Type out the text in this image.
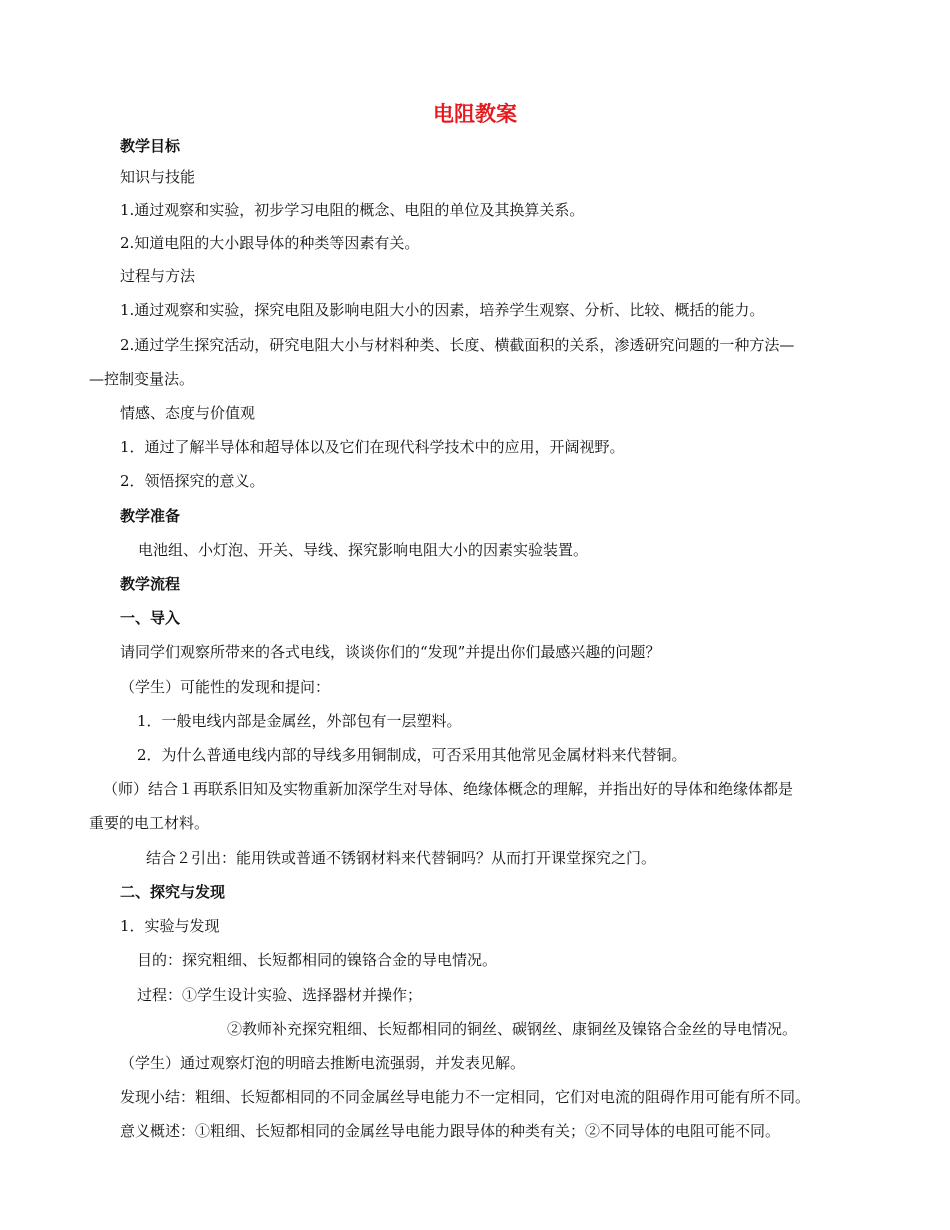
电阻教案
教学目标
知识与技能
1.通过观察和实验，初步学习电阻的概念、电阻的单位及其换算关系。
2.知道电阻的大小跟导体的种类等因素有关。
过程与方法
1.通过观察和实验，探究电阻及影响电阻大小的因素，培养学生观察、分析、比较、概括的能力。
2.通过学生探究活动，研究电阻大小与材料种类、长度、横截面积的关系，渗透研究问题的一种方法—
—控制变量法。
情感、态度与价值观
1．通过了解半导体和超导体以及它们在现代科学技术中的应用，开阔视野。
2．领悟探究的意义。
教学准备
电池组、小灯泡、开关、导线、探究影响电阻大小的因素实验装置。
教学流程
一、导入
请同学们观察所带来的各式电线，谈谈你们的“发现”并提出你们最感兴趣的问题？
（学生）可能性的发现和提问：
1．一般电线内部是金属丝，外部包有一层塑料。
2．为什么普通电线内部的导线多用铜制成，可否采用其他常见金属材料来代替铜。
（师）结合１再联系旧知及实物重新加深学生对导体、绝缘体概念的理解，并指出好的导体和绝缘体都是
重要的电工材料。
结合２引出：能用铁或普通不锈钢材料来代替铜吗？从而打开课堂探究之门。
二、探究与发现
1．实验与发现
目的：探究粗细、长短都相同的镍铬合金的导电情况。
过程：①学生设计实验、选择器材并操作；
②教师补充探究粗细、长短都相同的铜丝、碳钢丝、康铜丝及镍铬合金丝的导电情况。
（学生）通过观察灯泡的明暗去推断电流强弱，并发表见解。
发现小结：粗细、长短都相同的不同金属丝导电能力不一定相同，它们对电流的阻碍作用可能有所不同。
意义概述：①粗细、长短都相同的金属丝导电能力跟导体的种类有关；②不同导体的电阻可能不同。
